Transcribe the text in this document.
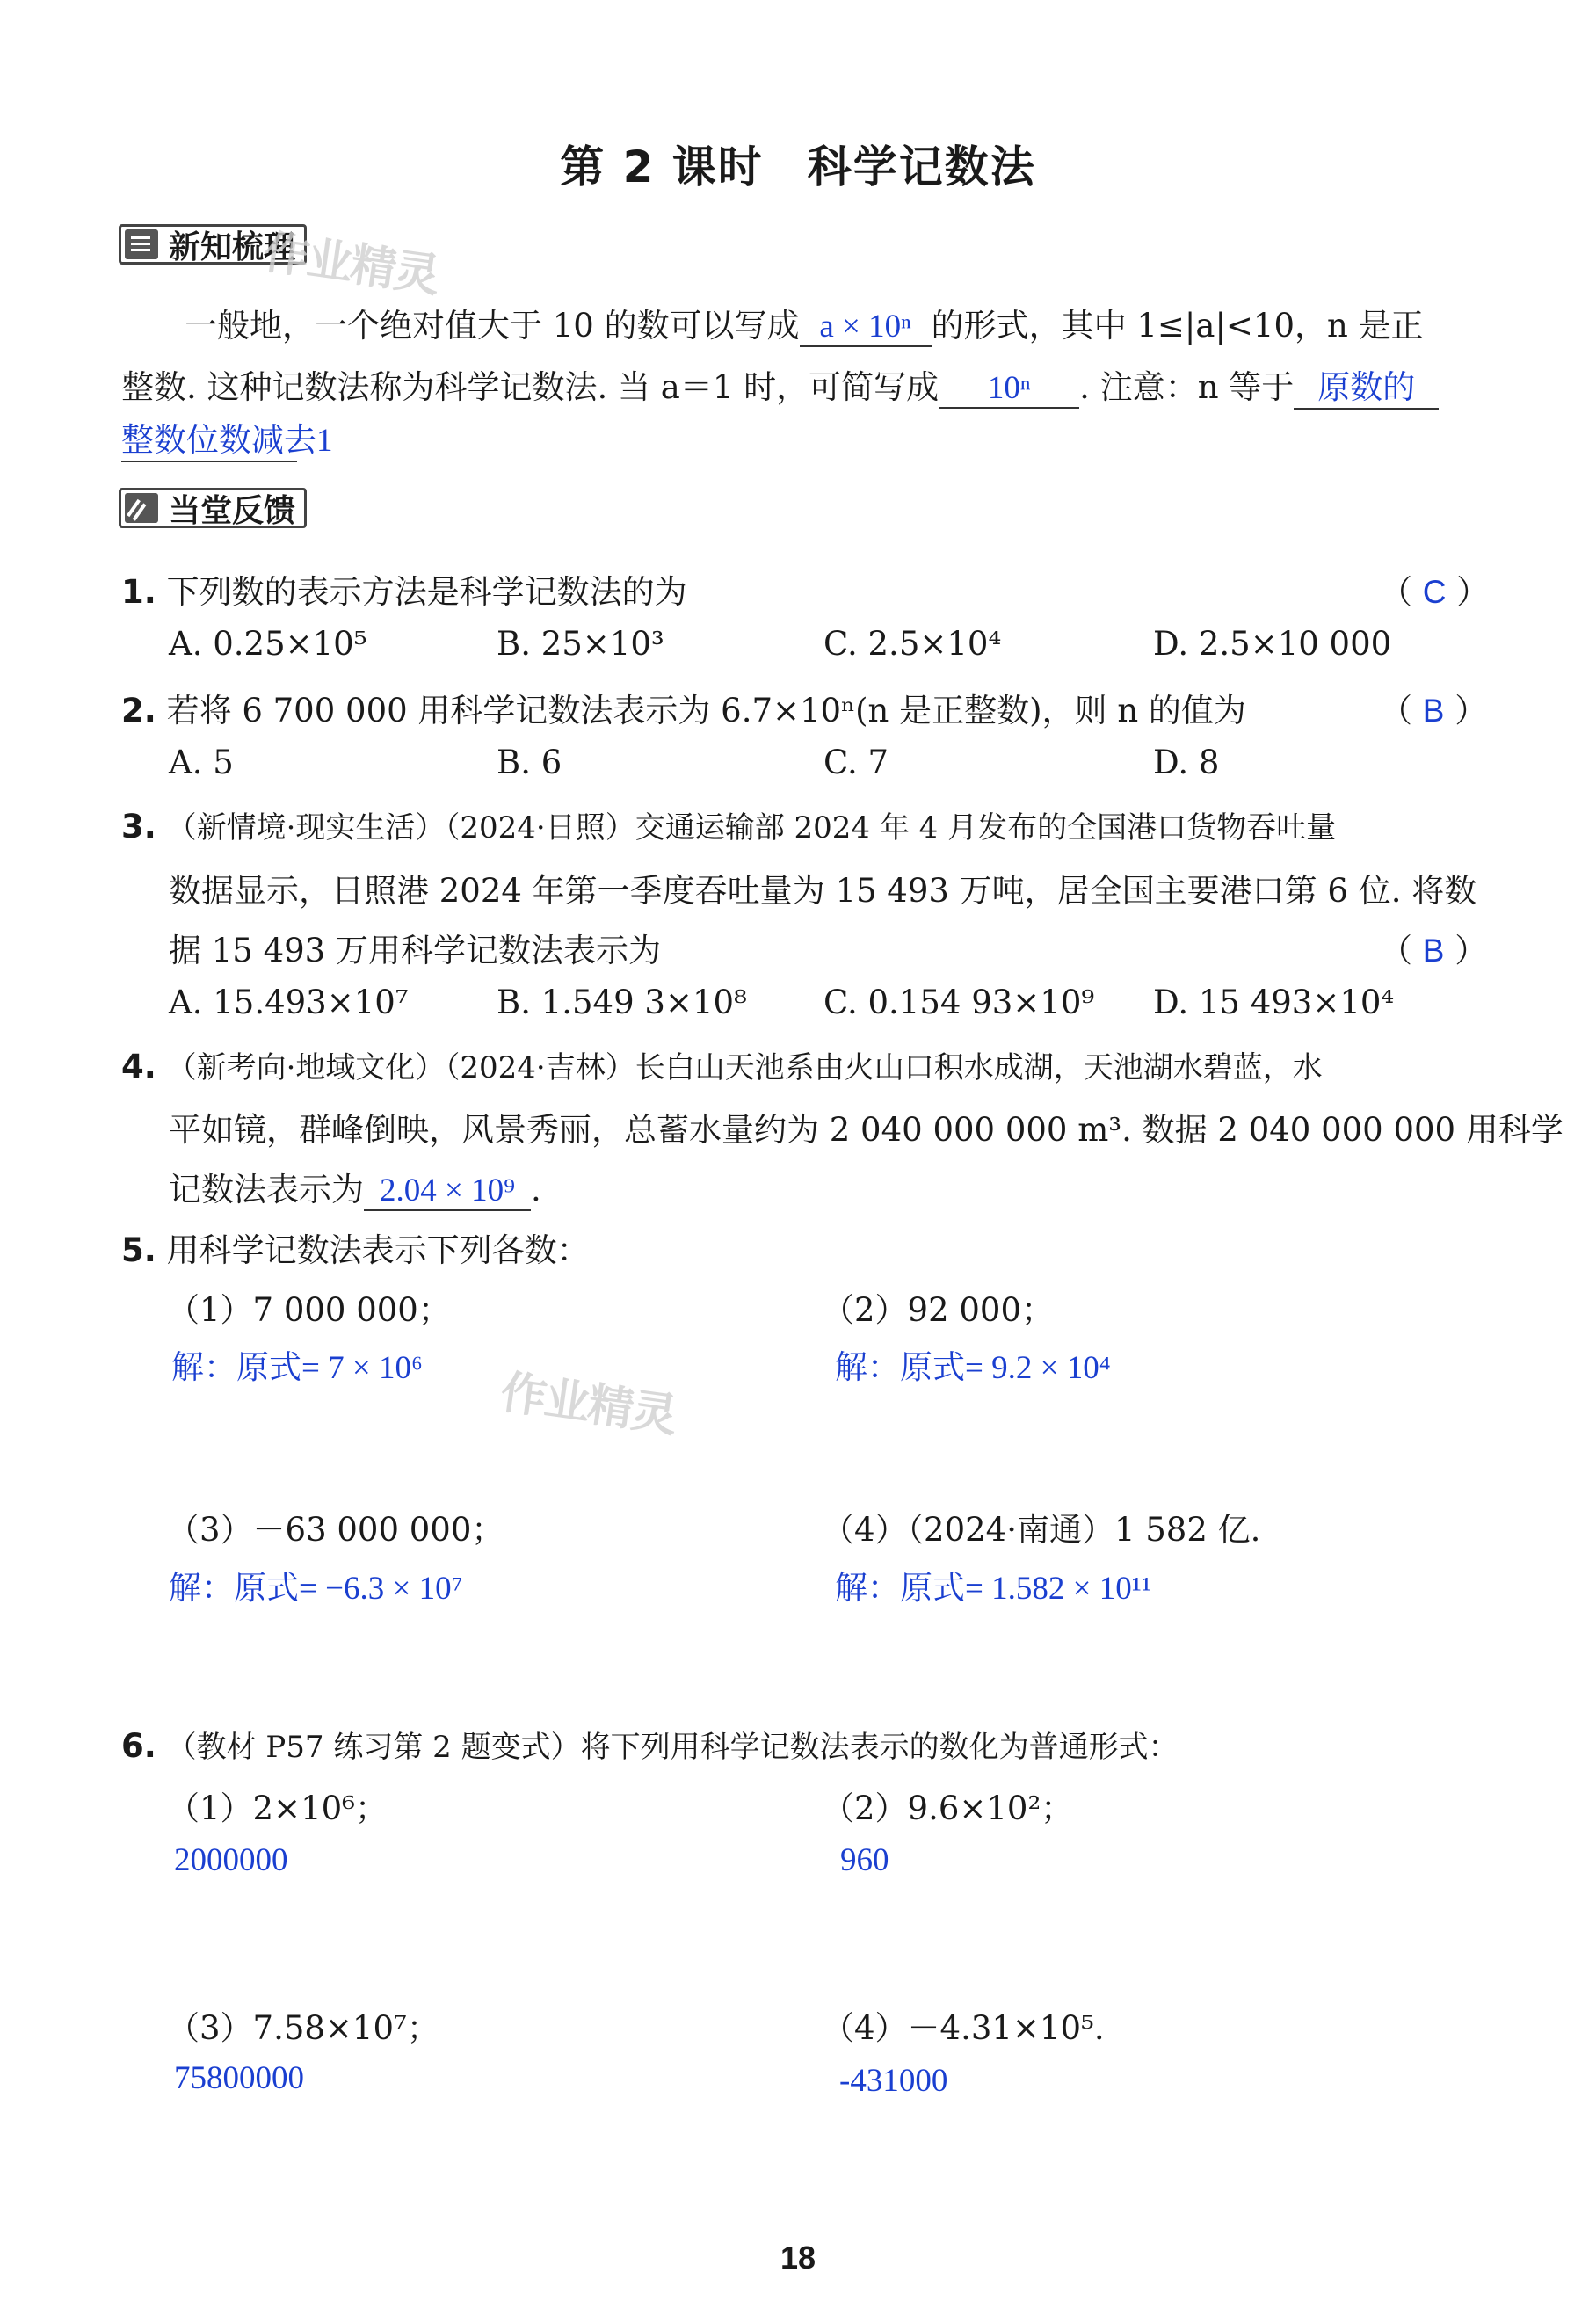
第 2 课时 科学记数法
新知梳理
作业精灵
一般地，一个绝对值大于 10 的数可以写成 a × 10ⁿ 的形式，其中 1≤|a|<10，n 是正
整数. 这种记数法称为科学记数法. 当 a＝1 时，可简写成 10ⁿ . 注意：n 等于 原数的
整数位数减去1
当堂反馈
1. 下列数的表示方法是科学记数法的为	（ C ）
A. 0.25×10⁵	B. 25×10³	C. 2.5×10⁴	D. 2.5×10 000
2. 若将 6 700 000 用科学记数法表示为 6.7×10ⁿ(n 是正整数)，则 n 的值为	（ B ）
A. 5	B. 6	C. 7	D. 8
3. （新情境·现实生活）（2024·日照）交通运输部 2024 年 4 月发布的全国港口货物吞吐量
数据显示，日照港 2024 年第一季度吞吐量为 15 493 万吨，居全国主要港口第 6 位. 将数
据 15 493 万用科学记数法表示为	（ B ）
A. 15.493×10⁷	B. 1.549 3×10⁸ C. 0.154 93×10⁹ D. 15 493×10⁴
4. （新考向·地域文化）（2024·吉林）长白山天池系由火山口积水成湖，天池湖水碧蓝，水
平如镜，群峰倒映，风景秀丽，总蓄水量约为 2 040 000 000 m³. 数据 2 040 000 000 用科学
记数法表示为 2.04 × 10⁹ .
5. 用科学记数法表示下列各数：
（1）7 000 000；
解：原式= 7 × 10⁶
（2）92 000；
解：原式= 9.2 × 10⁴
作业精灵
（3）－63 000 000；
解：原式= −6.3 × 10⁷
（4）（2024·南通）1 582 亿.
解：原式= 1.582 × 10¹¹
6. （教材 P57 练习第 2 题变式）将下列用科学记数法表示的数化为普通形式：
（1）2×10⁶；
2000000
（2）9.6×10²；
960
（3）7.58×10⁷；
75800000
（4）－4.31×10⁵.
-431000
18
